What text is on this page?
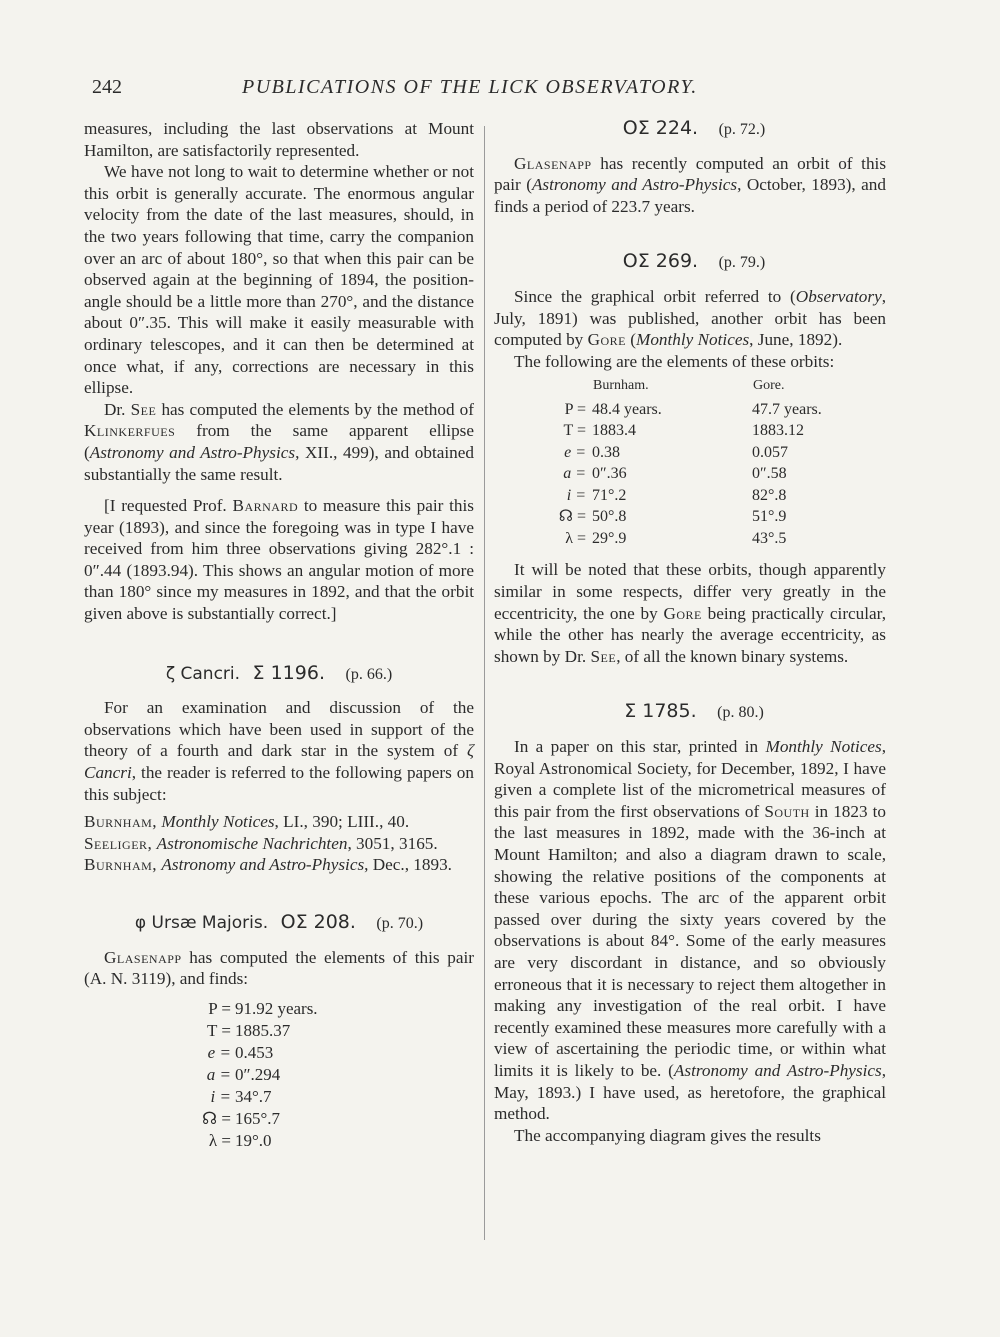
242	PUBLICATIONS OF THE LICK OBSERVATORY.

measures, including the last observations at Mount Hamilton, are satisfactorily represented.

We have not long to wait to determine whether or not this orbit is generally accurate. The enormous angular velocity from the date of the last measures, should, in the two years following that time, carry the companion over an arc of about 180°, so that when this pair can be observed again at the beginning of 1894, the position-angle should be a little more than 270°, and the distance about 0″.35. This will make it easily measurable with ordinary telescopes, and it can then be determined at once what, if any, corrections are necessary in this ellipse.

Dr. See has computed the elements by the method of Klinkerfues from the same apparent ellipse (Astronomy and Astro-Physics, XII., 499), and obtained substantially the same result.

[I requested Prof. Barnard to measure this pair this year (1893), and since the foregoing was in type I have received from him three observations giving 282°.1 : 0″.44 (1893.94). This shows an angular motion of more than 180° since my measures in 1892, and that the orbit given above is substantially correct.]

ζ Cancri. Σ 1196. (p. 66.)

For an examination and discussion of the observations which have been used in support of the theory of a fourth and dark star in the system of ζ Cancri, the reader is referred to the following papers on this subject:

Burnham, Monthly Notices, LI., 390; LIII., 40.

Seeliger, Astronomische Nachrichten, 3051, 3165.

Burnham, Astronomy and Astro-Physics, Dec., 1893.

φ Ursæ Majoris. OΣ 208. (p. 70.)

Glasenapp has computed the elements of this pair (A. N. 3119), and finds:

P =	91.92 years.
T =	1885.37
e =	0.453
a =	0″.294
i =	34°.7
☊ =	165°.7
λ =	19°.0
OΣ 224. (p. 72.)

Glasenapp has recently computed an orbit of this pair (Astronomy and Astro-Physics, October, 1893), and finds a period of 223.7 years.

OΣ 269. (p. 79.)

Since the graphical orbit referred to (Observatory, July, 1891) was published, another orbit has been computed by Gore (Monthly Notices, June, 1892).

The following are the elements of these orbits:

	Burnham.	Gore.
P =	48.4 years.	47.7 years.
T =	1883.4	1883.12
e =	0.38	0.057
a =	0″.36	0″.58
i =	71°.2	82°.8
☊ =	50°.8	51°.9
λ =	29°.9	43°.5

It will be noted that these orbits, though apparently similar in some respects, differ very greatly in the eccentricity, the one by Gore being practically circular, while the other has nearly the average eccentricity, as shown by Dr. See, of all the known binary systems.

Σ 1785. (p. 80.)

In a paper on this star, printed in Monthly Notices, Royal Astronomical Society, for December, 1892, I have given a complete list of the micrometrical measures of this pair from the first observations of South in 1823 to the last measures in 1892, made with the 36-inch at Mount Hamilton; and also a diagram drawn to scale, showing the relative positions of the components at these various epochs. The arc of the apparent orbit passed over during the sixty years covered by the observations is about 84°. Some of the early measures are very discordant in distance, and so obviously erroneous that it is necessary to reject them altogether in making any investigation of the real orbit. I have recently examined these measures more carefully with a view of ascertaining the periodic time, or within what limits it is likely to be. (Astronomy and Astro-Physics, May, 1893.) I have used, as heretofore, the graphical method.

The accompanying diagram gives the results
